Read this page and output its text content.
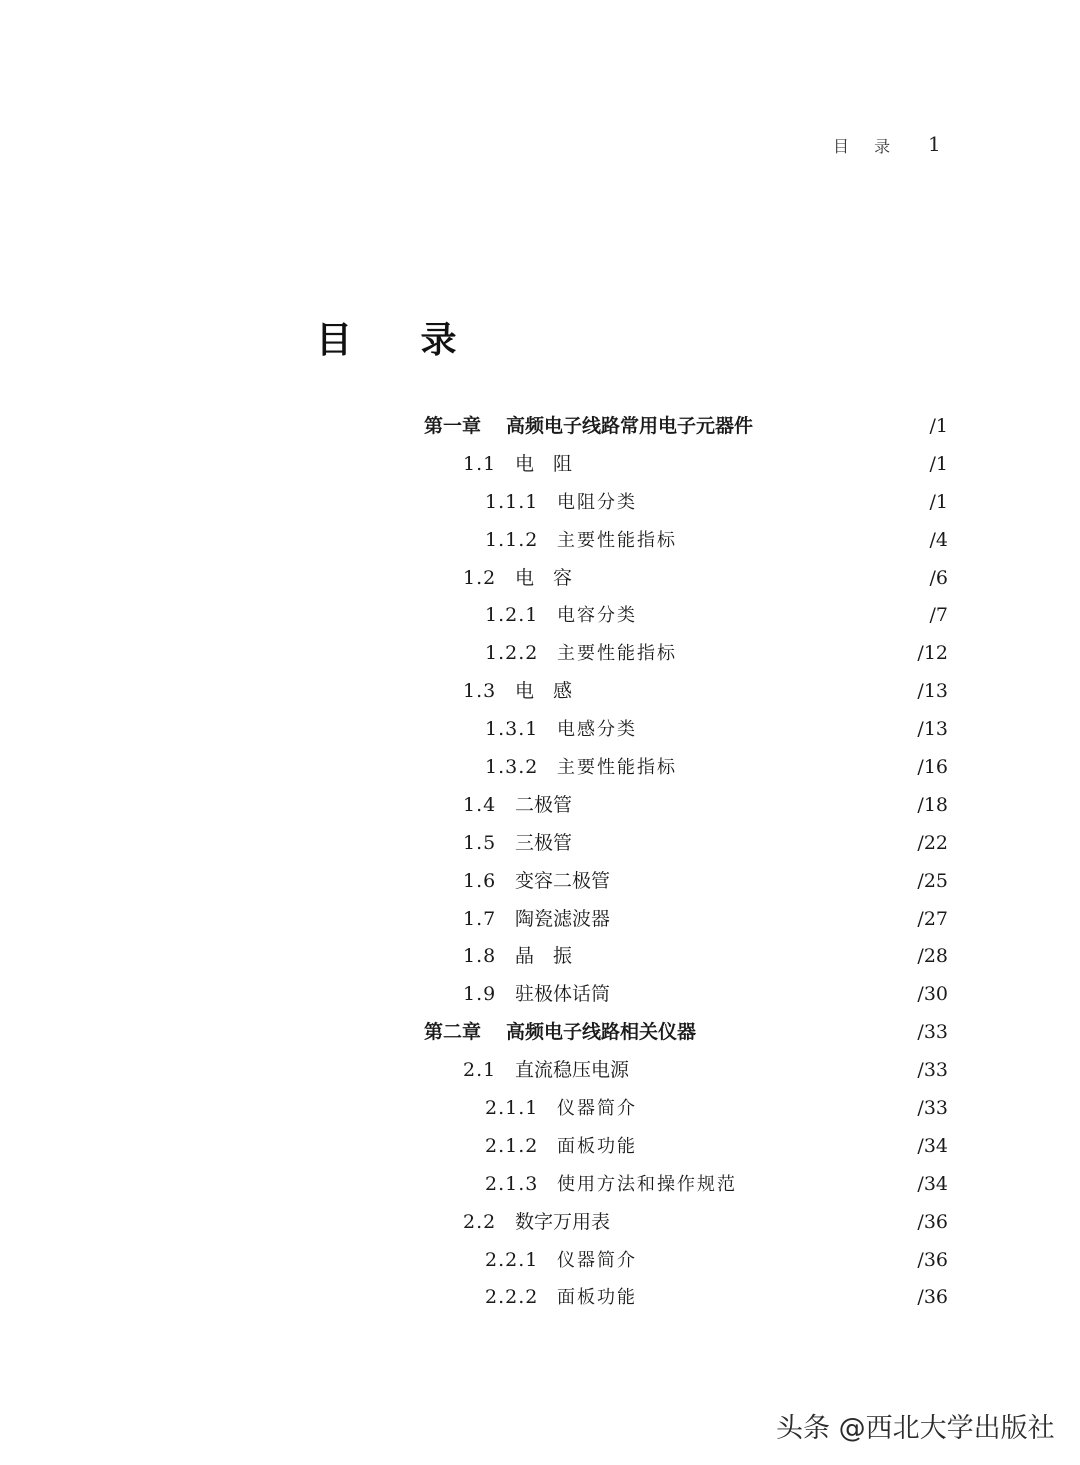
目 录 1
目 录
第一章 高频电子线路常用电子元器件	/1
1.1 电　阻	/1
1.1.1 电阻分类	/1
1.1.2 主要性能指标	/4
1.2 电　容	/6
1.2.1 电容分类	/7
1.2.2 主要性能指标	/12
1.3 电　感	/13
1.3.1 电感分类	/13
1.3.2 主要性能指标	/16
1.4 二极管	/18
1.5 三极管	/22
1.6 变容二极管	/25
1.7 陶瓷滤波器	/27
1.8 晶　振	/28
1.9 驻极体话筒	/30
第二章 高频电子线路相关仪器	/33
2.1 直流稳压电源	/33
2.1.1 仪器简介	/33
2.1.2 面板功能	/34
2.1.3 使用方法和操作规范	/34
2.2 数字万用表	/36
2.2.1 仪器简介	/36
2.2.2 面板功能	/36
头条 @西北大学出版社
